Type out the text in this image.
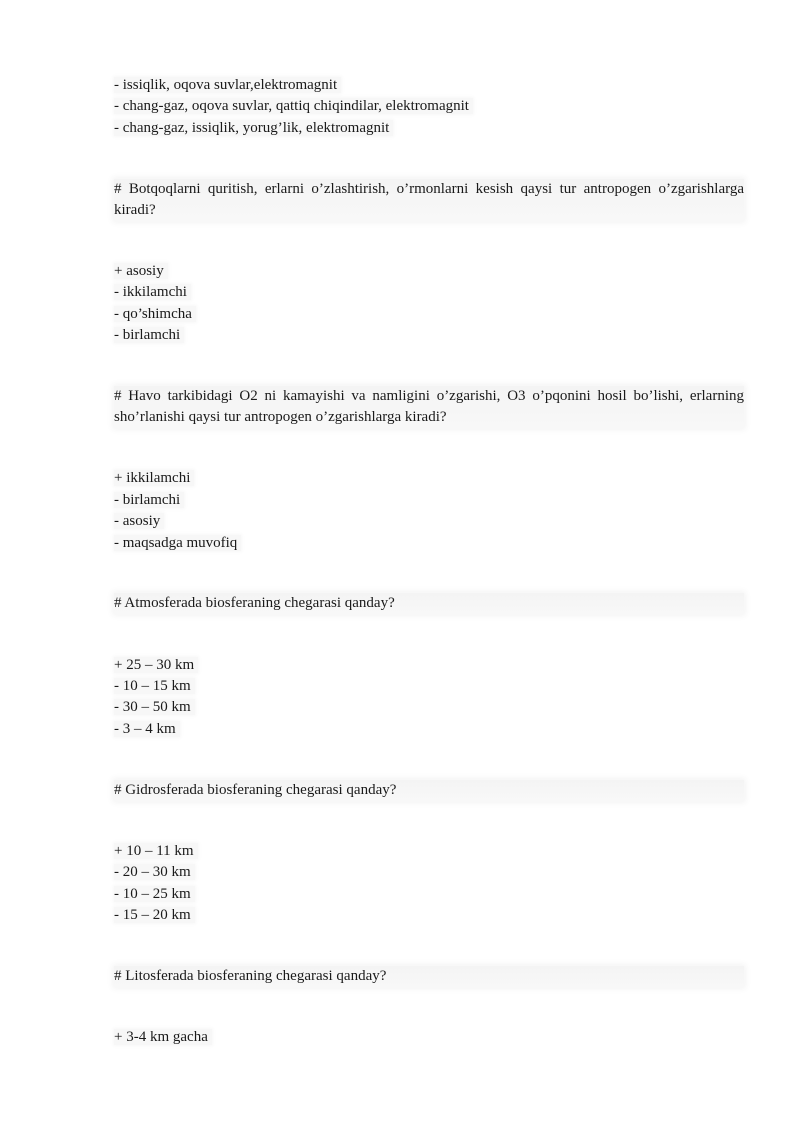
- issiqlik, oqova suvlar,elektromagnit
- chang-gaz, oqova suvlar, qattiq chiqindilar, elektromagnit
- chang-gaz, issiqlik, yorug’lik, elektromagnit
# Botqoqlarni quritish, erlarni o’zlashtirish, o’rmonlarni kesish qaysi tur antropogen o’zgarishlarga kiradi?
+ asosiy
- ikkilamchi
- qo’shimcha
- birlamchi
# Havo tarkibidagi O2 ni kamayishi va namligini o’zgarishi, O3 o’pqonini hosil bo’lishi, erlarning sho’rlanishi qaysi tur antropogen o’zgarishlarga kiradi?
+ ikkilamchi
- birlamchi
- asosiy
- maqsadga muvofiq
# Atmosferada biosferaning chegarasi qanday?
+ 25 – 30 km
- 10 – 15 km
- 30 – 50 km
- 3 – 4 km
# Gidrosferada biosferaning chegarasi qanday?
+ 10 – 11 km
- 20 – 30 km
- 10 – 25 km
- 15 – 20 km
# Litosferada biosferaning chegarasi qanday?
+ 3-4 km gacha
